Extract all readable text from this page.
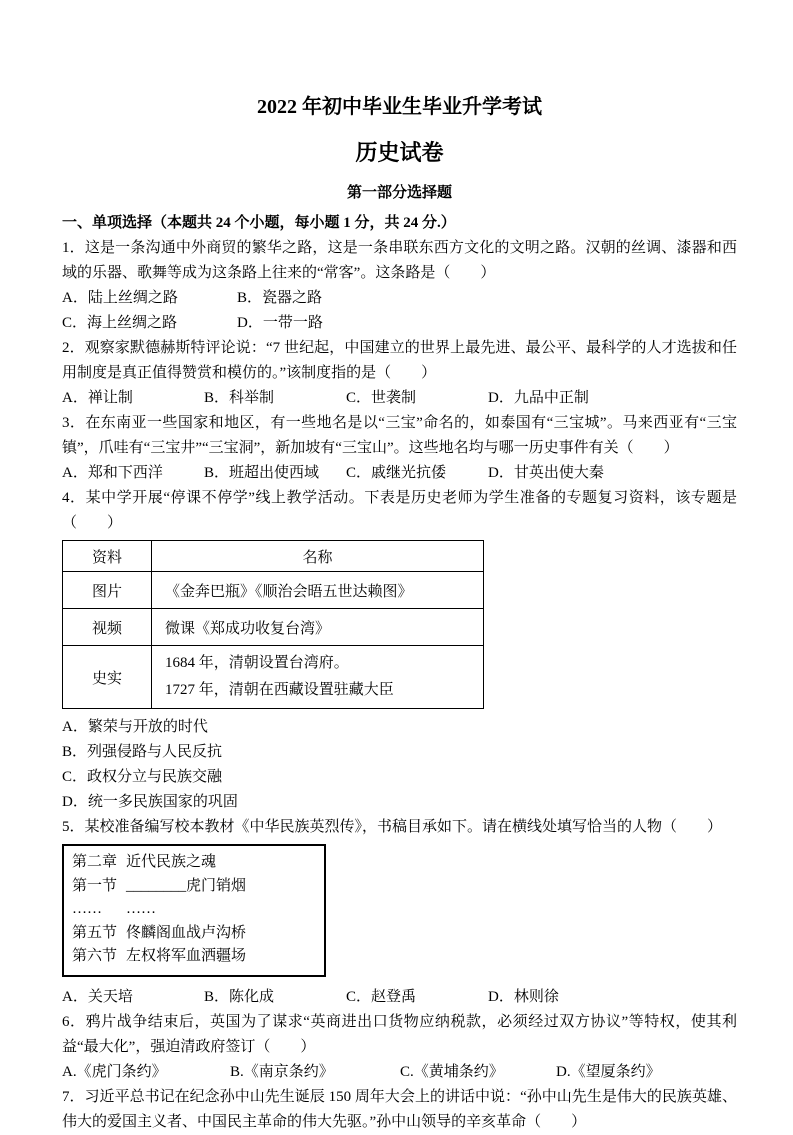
2022 年初中毕业生毕业升学考试
历史试卷
第一部分选择题
一、单项选择（本题共 24 个小题，每小题 1 分，共 24 分.）

1．这是一条沟通中外商贸的繁华之路，这是一条串联东西方文化的文明之路。汉朝的丝调、漆器和西域的乐器、歌舞等成为这条路上往来的“常客”。这条路是（　　）

A．陆上丝绸之路	B．瓷器之路
C．海上丝绸之路	D．一带一路

2．观察家默德赫斯特评论说：“7 世纪起，中国建立的世界上最先进、最公平、最科学的人才选拔和任用制度是真正值得赞赏和模仿的。”该制度指的是（　　）

A．禅让制	B．科举制	C．世袭制	D．九品中正制

3．在东南亚一些国家和地区，有一些地名是以“三宝”命名的，如泰国有“三宝城”。马来西亚有“三宝镇”，爪哇有“三宝井”“三宝洞”，新加坡有“三宝山”。这些地名均与哪一历史事件有关（　　）

A．郑和下西洋	B．班超出使西域	C．戚继光抗倭	D．甘英出使大秦

4．某中学开展“停课不停学”线上教学活动。下表是历史老师为学生准备的专题复习资料，该专题是（　　）

资料	名称
图片	《金奔巴瓶》《顺治会晤五世达赖图》
视频	微课《郑成功收复台湾》
史实	1684 年，清朝设置台湾府。
1727 年，清朝在西藏设置驻藏大臣
A．繁荣与开放的时代
B．列强侵路与人民反抗
C．政权分立与民族交融
D．统一多民族国家的巩固

5．某校准备编写校本教材《中华民族英烈传》，书稿目承如下。请在横线处填写恰当的人物（　　）

第二章 近代民族之魂
第一节 ________虎门销烟
……	……
第五节 佟麟阁血战卢沟桥
第六节 左权将军血洒疆场
A．关天培	B．陈化成	C．赵登禹	D．林则徐

6．鸦片战争结束后，英国为了谋求“英商进出口货物应纳税款，必须经过双方协议”等特权，使其利益“最大化”，强迫清政府签订（　　）

A.《虎门条约》	B.《南京条约》	C.《黄埔条约》	D.《望厦条约》

7．习近平总书记在纪念孙中山先生诞辰 150 周年大会上的讲话中说：“孙中山先生是伟大的民族英雄、伟大的爱国主义者、中国民主革命的伟大先驱。”孙中山领导的辛亥革命（　　）
